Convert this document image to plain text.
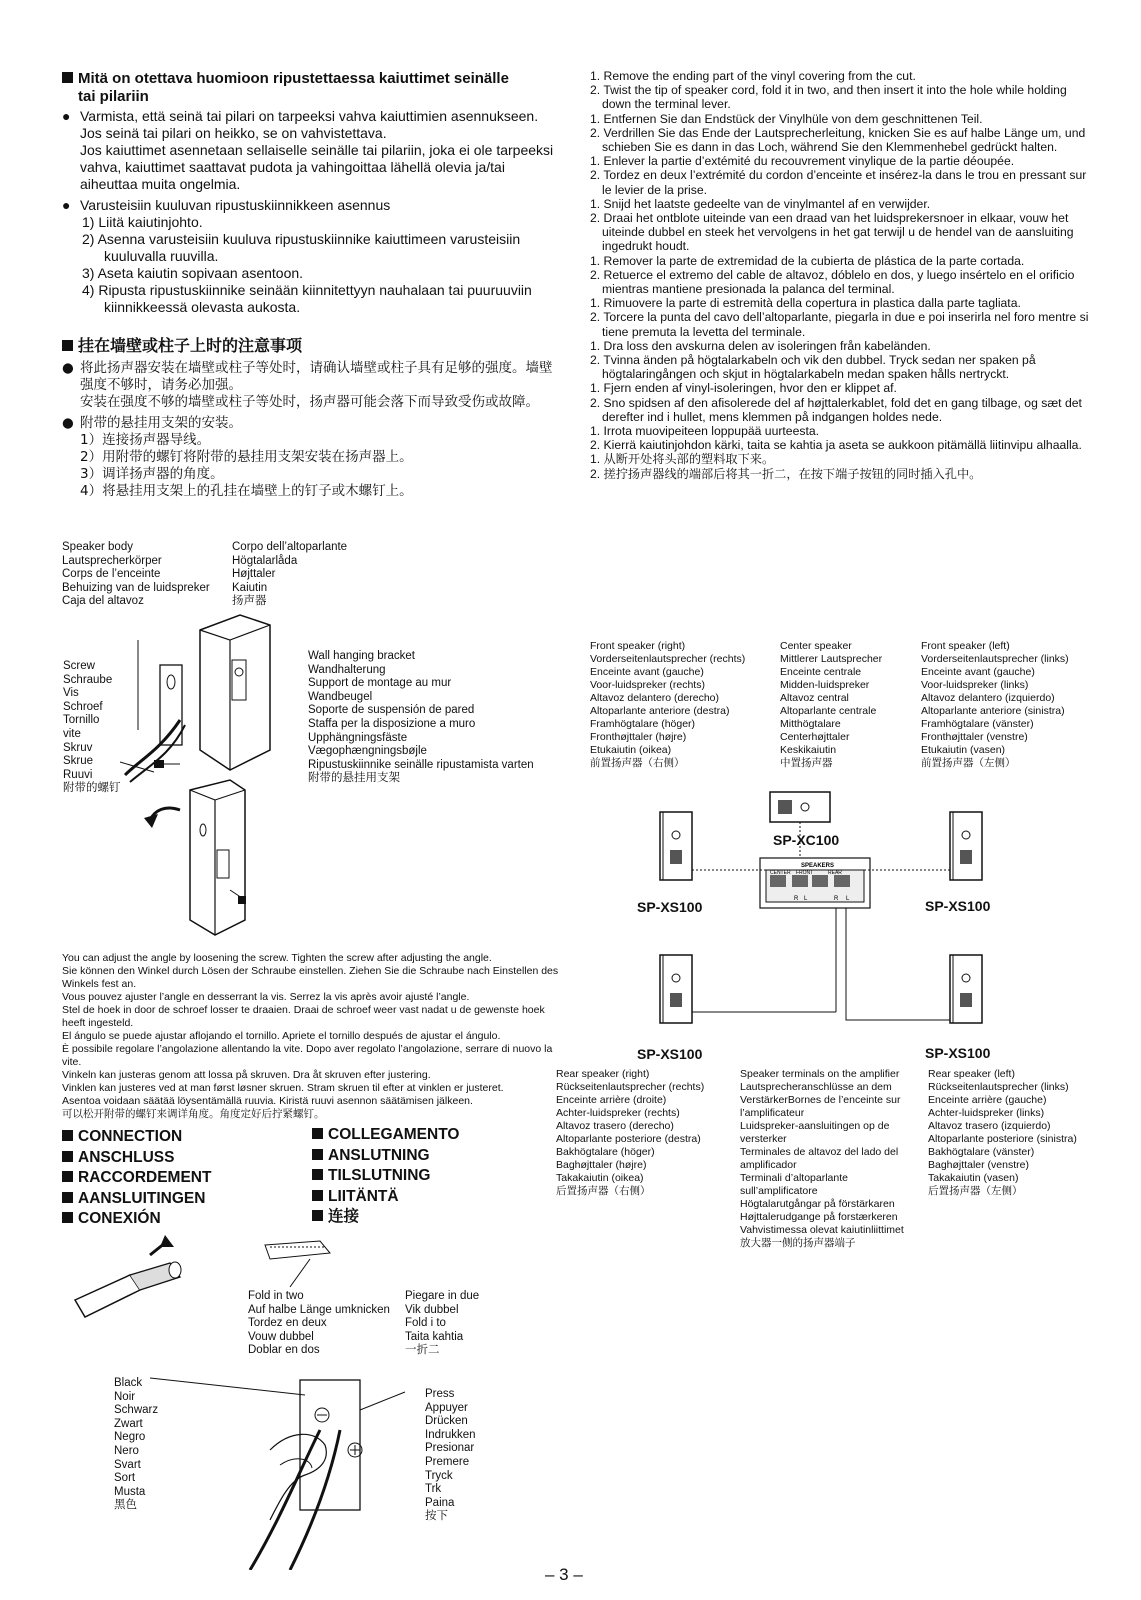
Mitä on otettava huomioon ripustettaessa kaiuttimet seinälle
tai pilariin
● Varmista, että seinä tai pilari on tarpeeksi vahva kaiuttimien asennukseen. Jos seinä tai pilari on heikko, se on vahvistettava.
Jos kaiuttimet asennetaan sellaiselle seinälle tai pilariin, joka ei ole tarpeeksi vahva, kaiuttimet saattavat pudota ja vahingoittaa lähellä olevia ja/tai aiheuttaa muita ongelmia.
● Varusteisiin kuuluvan ripustuskiinnikkeen asennus
1) Liitä kaiutinjohto.
2) Asenna varusteisiin kuuluva ripustuskiinnike kaiuttimeen varusteisiin kuuluvalla ruuvilla.
3) Aseta kaiutin sopivaan asentoon.
4) Ripusta ripustuskiinnike seinään kiinnitettyyn nauhalaan tai puuruuviin kiinnikkeessä olevasta aukosta.
挂在墙壁或柱子上时的注意事项
● 将此扬声器安装在墙壁或柱子等处时，请确认墙壁或柱子具有足够的强度。墙壁强度不够时，请务必加强。
安装在强度不够的墙壁或柱子等处时，扬声器可能会落下而导致受伤或故障。
● 附带的悬挂用支架的安装。
1）连接扬声器导线。
2）用附带的螺钉将附带的悬挂用支架安装在扬声器上。
3）调详扬声器的角度。
4）将悬挂用支架上的孔挂在墙壁上的钉子或木螺钉上。
Speaker body
Lautsprecherkörper
Corps de l’enceinte
Behuizing van de luidspreker
Caja del altavoz
Corpo dell’altoparlante
Högtalarlåda
Højttaler
Kaiutin
扬声器
Screw
Schraube
Vis
Schroef
Tornillo
vite
Skruv
Skrue
Ruuvi
附带的螺钉
Wall hanging bracket
Wandhalterung
Support de montage au mur
Wandbeugel
Soporte de suspensión de pared
Staffa per la disposizione a muro
Upphängningsfäste
Vægophængningsbøjle
Ripustuskiinnike seinälle ripustamista varten
附带的悬挂用支架
You can adjust the angle by loosening the screw. Tighten the screw after adjusting the angle.
Sie können den Winkel durch Lösen der Schraube einstellen. Ziehen Sie die Schraube nach Einstellen des Winkels fest an.
Vous pouvez ajuster l’angle en desserrant la vis. Serrez la vis après avoir ajusté l’angle.
Stel de hoek in door de schroef losser te draaien. Draai de schroef weer vast nadat u de gewenste hoek heeft ingesteld.
El ángulo se puede ajustar aflojando el tornillo. Apriete el tornillo después de ajustar el ángulo.
È possibile regolare l’angolazione allentando la vite. Dopo aver regolato l’angolazione, serrare di nuovo la vite.
Vinkeln kan justeras genom att lossa på skruven. Dra åt skruven efter justering.
Vinklen kan justeres ved at man først løsner skruen. Stram skruen til efter at vinklen er justeret.
Asentoa voidaan säätää löysentämällä ruuvia. Kiristä ruuvi asennon säätämisen jälkeen.
可以松开附带的螺钉来调详角度。角度定好后拧紧螺钉。
CONNECTION
ANSCHLUSS
RACCORDEMENT
AANSLUITINGEN
CONEXIÓN
COLLEGAMENTO
ANSLUTNING
TILSLUTNING
LIITÄNTÄ
连接
Fold in two
Auf halbe Länge umknicken
Tordez en deux
Vouw dubbel
Doblar en dos
Piegare in due
Vik dubbel
Fold i to
Taita kahtia
一折二
Black
Noir
Schwarz
Zwart
Negro
Nero
Svart
Sort
Musta
黑色
Press
Appuyer
Drücken
Indrukken
Presionar
Premere
Tryck
Trk
Paina
按下
1. Remove the ending part of the vinyl covering from the cut.
2. Twist the tip of speaker cord, fold it in two, and then insert it into the hole while holding down the terminal lever.
1. Entfernen Sie dan Endstück der Vinylhüle von dem geschnittenen Teil.
2. Verdrillen Sie das Ende der Lautsprecherleitung, knicken Sie es auf halbe Länge um, und schieben Sie es dann in das Loch, während Sie den Klemmenhebel gedrückt halten.
1. Enlever la partie d’extémité du recouvrement vinylique de la partie déoupée.
2. Tordez en deux l’extrémité du cordon d’enceinte et insérez-la dans le trou en pressant sur le levier de la prise.
1. Snijd het laatste gedeelte van de vinylmantel af en verwijder.
2. Draai het ontblote uiteinde van een draad van het luidsprekersnoer in elkaar, vouw het uiteinde dubbel en steek het vervolgens in het gat terwijl u de hendel van de aansluiting ingedrukt houdt.
1. Remover la parte de extremidad de la cubierta de plástica de la parte cortada.
2. Retuerce el extremo del cable de altavoz, dóblelo en dos, y luego insértelo en el orificio mientras mantiene presionada la palanca del terminal.
1. Rimuovere la parte di estremità della copertura in plastica dalla parte tagliata.
2. Torcere la punta del cavo dell’altoparlante, piegarla in due e poi inserirla nel foro mentre si tiene premuta la levetta del terminale.
1. Dra loss den avskurna delen av isoleringen från kabeländen.
2. Tvinna änden på högtalarkabeln och vik den dubbel. Tryck sedan ner spaken på högtalaringången och skjut in högtalarkabeln medan spaken hålls nertryckt.
1. Fjern enden af vinyl-isoleringen, hvor den er klippet af.
2. Sno spidsen af den afisolerede del af højttalerkablet, fold det en gang tilbage, og sæt det derefter ind i hullet, mens klemmen på indgangen holdes nede.
1. Irrota muovipeiteen loppupää uurteesta.
2. Kierrä kaiutinjohdon kärki, taita se kahtia ja aseta se aukkoon pitämällä liitinvipu alhaalla.
1. 从断开处将头部的塑料取下来。
2. 搓拧扬声器线的端部后将其一折二，在按下端子按钮的同时插入孔中。
Front speaker (right)
Vorderseitenlautsprecher (rechts)
Enceinte avant (gauche)
Voor-luidspreker (rechts)
Altavoz delantero (derecho)
Altoparlante anteriore (destra)
Framhögtalare (höger)
Fronthøjttaler (højre)
Etukaiutin (oikea)
前置扬声器（右侧）
Center speaker
Mittlerer Lautsprecher
Enceinte centrale
Midden-luidspreker
Altavoz central
Altoparlante centrale
Mitthögtalare
Centerhøjttaler
Keskikaiutin
中置扬声器
Front speaker (left)
Vorderseitenlautsprecher (links)
Enceinte avant (gauche)
Voor-luidspreker (links)
Altavoz delantero (izquierdo)
Altoparlante anteriore (sinistra)
Framhögtalare (vänster)
Fronthøjttaler (venstre)
Etukaiutin (vasen)
前置扬声器（左侧）
SPEAKERS
CENTER FRONT	REAR
R L	R L
SP-XC100
SP-XS100	SP-XS100
SP-XS100	SP-XS100
Rear speaker (right)
Rückseitenlautsprecher (rechts)
Enceinte arrière (droite)
Achter-luidspreker (rechts)
Altavoz trasero (derecho)
Altoparlante posteriore (destra)
Bakhögtalare (höger)
Baghøjttaler (højre)
Takakaiutin (oikea)
后置扬声器（右侧）
Speaker terminals on the amplifier
Lautsprecheranschlüsse an dem
VerstärkerBornes de l’enceinte sur
l’amplificateur
Luidspreker-aansluitingen op de
versterker
Terminales de altavoz del lado del
amplificador
Terminali d’altoparlante
sull’amplificatore
Högtalarutgångar på förstärkaren
Højttalerudgange på forstærkeren
Vahvistimessa olevat kaiutinliittimet
放大器一侧的扬声器端子
Rear speaker (left)
Rückseitenlautsprecher (links)
Enceinte arrière (gauche)
Achter-luidspreker (links)
Altavoz trasero (izquierdo)
Altoparlante posteriore (sinistra)
Bakhögtalare (vänster)
Baghøjttaler (venstre)
Takakaiutin (vasen)
后置扬声器（左侧）
– 3 –
